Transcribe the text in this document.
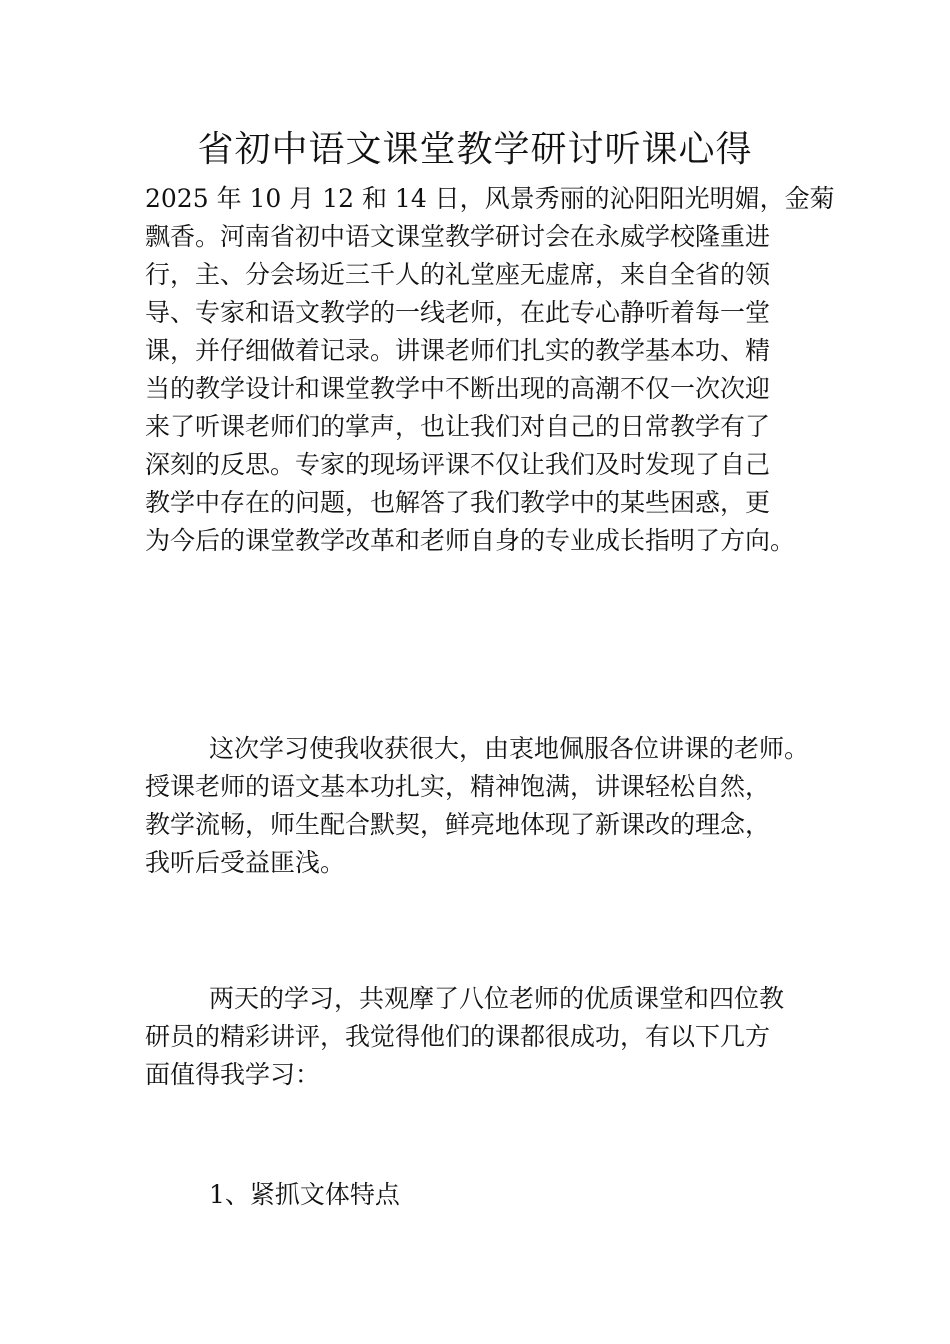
省初中语文课堂教学研讨听课心得
2025 年 10 月 12 和 14 日，风景秀丽的沁阳阳光明媚，金菊
飘香。河南省初中语文课堂教学研讨会在永威学校隆重进
行，主、分会场近三千人的礼堂座无虚席，来自全省的领
导、专家和语文教学的一线老师，在此专心静听着每一堂
课，并仔细做着记录。讲课老师们扎实的教学基本功、精
当的教学设计和课堂教学中不断出现的高潮不仅一次次迎
来了听课老师们的掌声，也让我们对自己的日常教学有了
深刻的反思。专家的现场评课不仅让我们及时发现了自己
教学中存在的问题，也解答了我们教学中的某些困惑，更
为今后的课堂教学改革和老师自身的专业成长指明了方向。
这次学习使我收获很大，由衷地佩服各位讲课的老师。
授课老师的语文基本功扎实，精神饱满，讲课轻松自然，
教学流畅，师生配合默契，鲜亮地体现了新课改的理念，
我听后受益匪浅。
两天的学习，共观摩了八位老师的优质课堂和四位教
研员的精彩讲评，我觉得他们的课都很成功，有以下几方
面值得我学习：
1、紧抓文体特点
